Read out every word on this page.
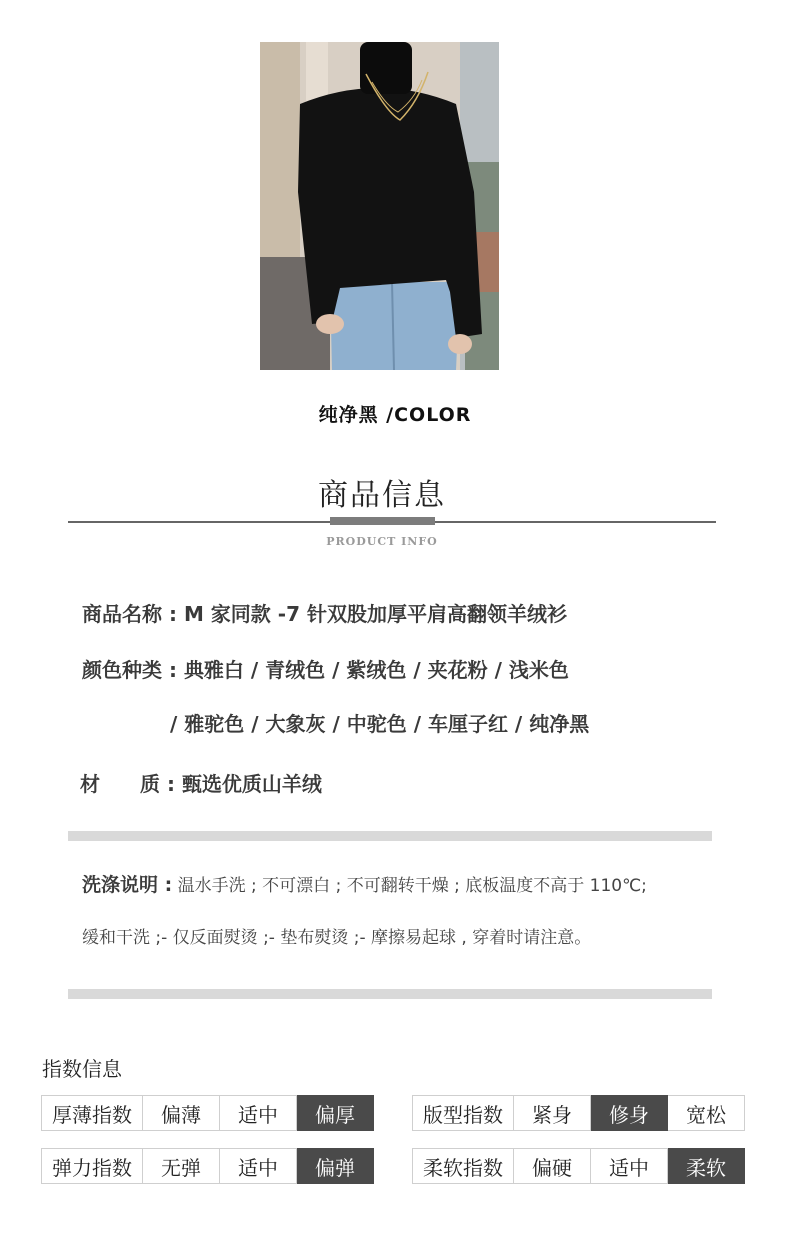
纯净黑 /COLOR
商品信息
PRODUCT INFO
商品名称 : M 家同款 -7 针双股加厚平肩高翻领羊绒衫
颜色种类 : 典雅白 / 青绒色 / 紫绒色 / 夹花粉 / 浅米色
/ 雅驼色 / 大象灰 / 中驼色 / 车厘子红 / 纯净黑
材　　质 : 甄选优质山羊绒
洗涤说明 : 温水手洗 ; 不可漂白 ; 不可翻转干燥 ; 底板温度不高于 110℃;
缓和干洗 ;- 仅反面熨烫 ;- 垫布熨烫 ;- 摩擦易起球 , 穿着时请注意。
指数信息
厚薄指数	偏薄	适中	偏厚

弹力指数	无弹	适中	偏弹
版型指数	紧身	修身	宽松

柔软指数	偏硬	适中	柔软
